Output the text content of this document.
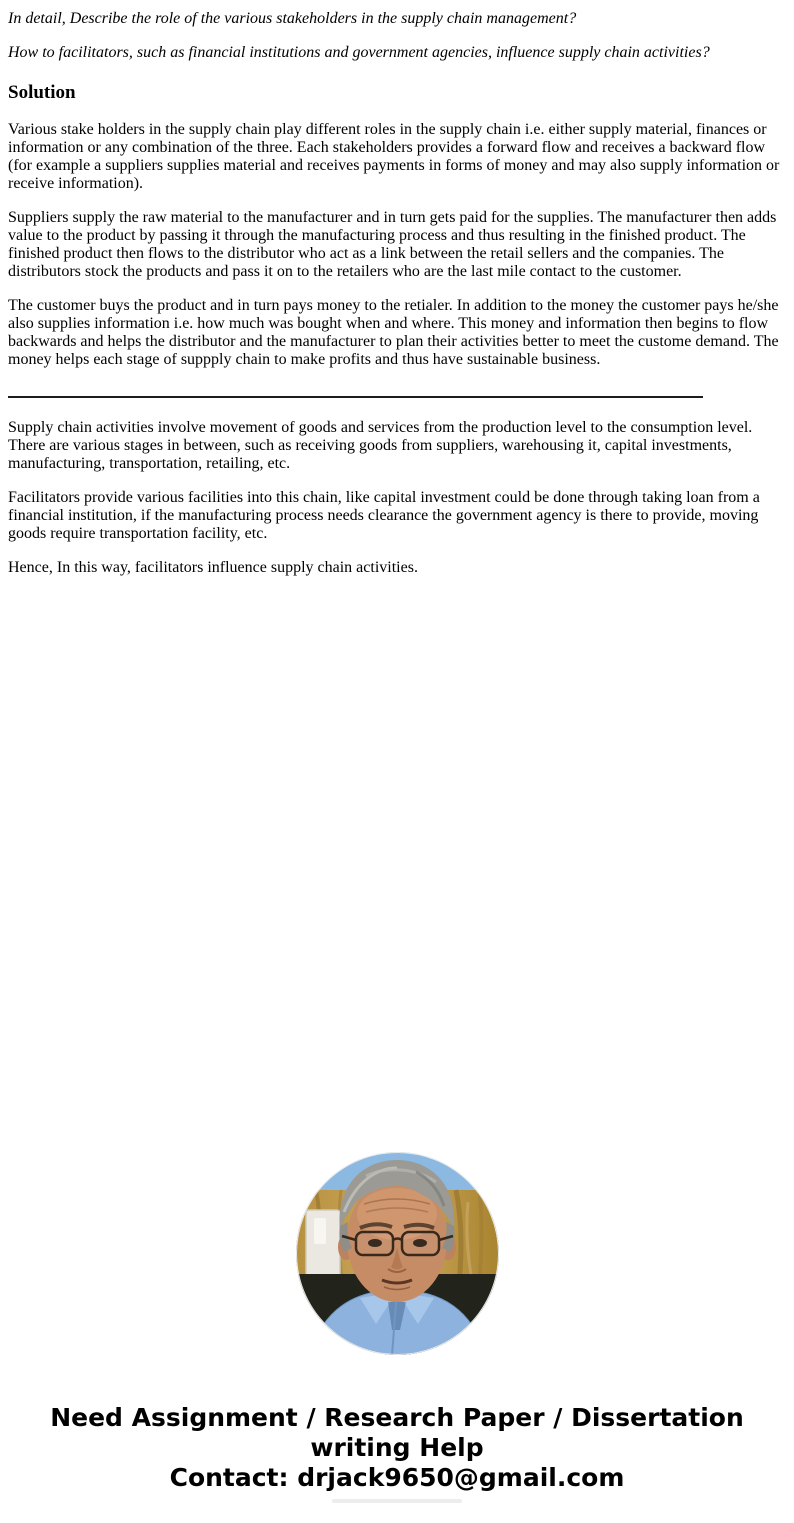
In detail, Describe the role of the various stakeholders in the supply chain management?

How to facilitators, such as financial institutions and government agencies, influence supply chain activities?

Solution

Various stake holders in the supply chain play different roles in the supply chain i.e. either supply material, finances or information or any combination of the three. Each stakeholders provides a forward flow and receives a backward flow (for example a suppliers supplies material and receives payments in forms of money and may also supply information or receive information).

Suppliers supply the raw material to the manufacturer and in turn gets paid for the supplies. The manufacturer then adds value to the product by passing it through the manufacturing process and thus resulting in the finished product. The finished product then flows to the distributor who act as a link between the retail sellers and the companies. The distributors stock the products and pass it on to the retailers who are the last mile contact to the customer.

The customer buys the product and in turn pays money to the retialer. In addition to the money the customer pays he/she also supplies information i.e. how much was bought when and where. This money and information then begins to flow backwards and helps the distributor and the manufacturer to plan their activities better to meet the custome demand. The money helps each stage of suppply chain to make profits and thus have sustainable business.

Supply chain activities involve movement of goods and services from the production level to the consumption level. There are various stages in between, such as receiving goods from suppliers, warehousing it, capital investments, manufacturing, transportation, retailing, etc.

Facilitators provide various facilities into this chain, like capital investment could be done through taking loan from a financial institution, if the manufacturing process needs clearance the government agency is there to provide, moving goods require transportation facility, etc.

Hence, In this way, facilitators influence supply chain activities.

Need Assignment / Research Paper / Dissertation writing Help
Contact: drjack9650@gmail.com
